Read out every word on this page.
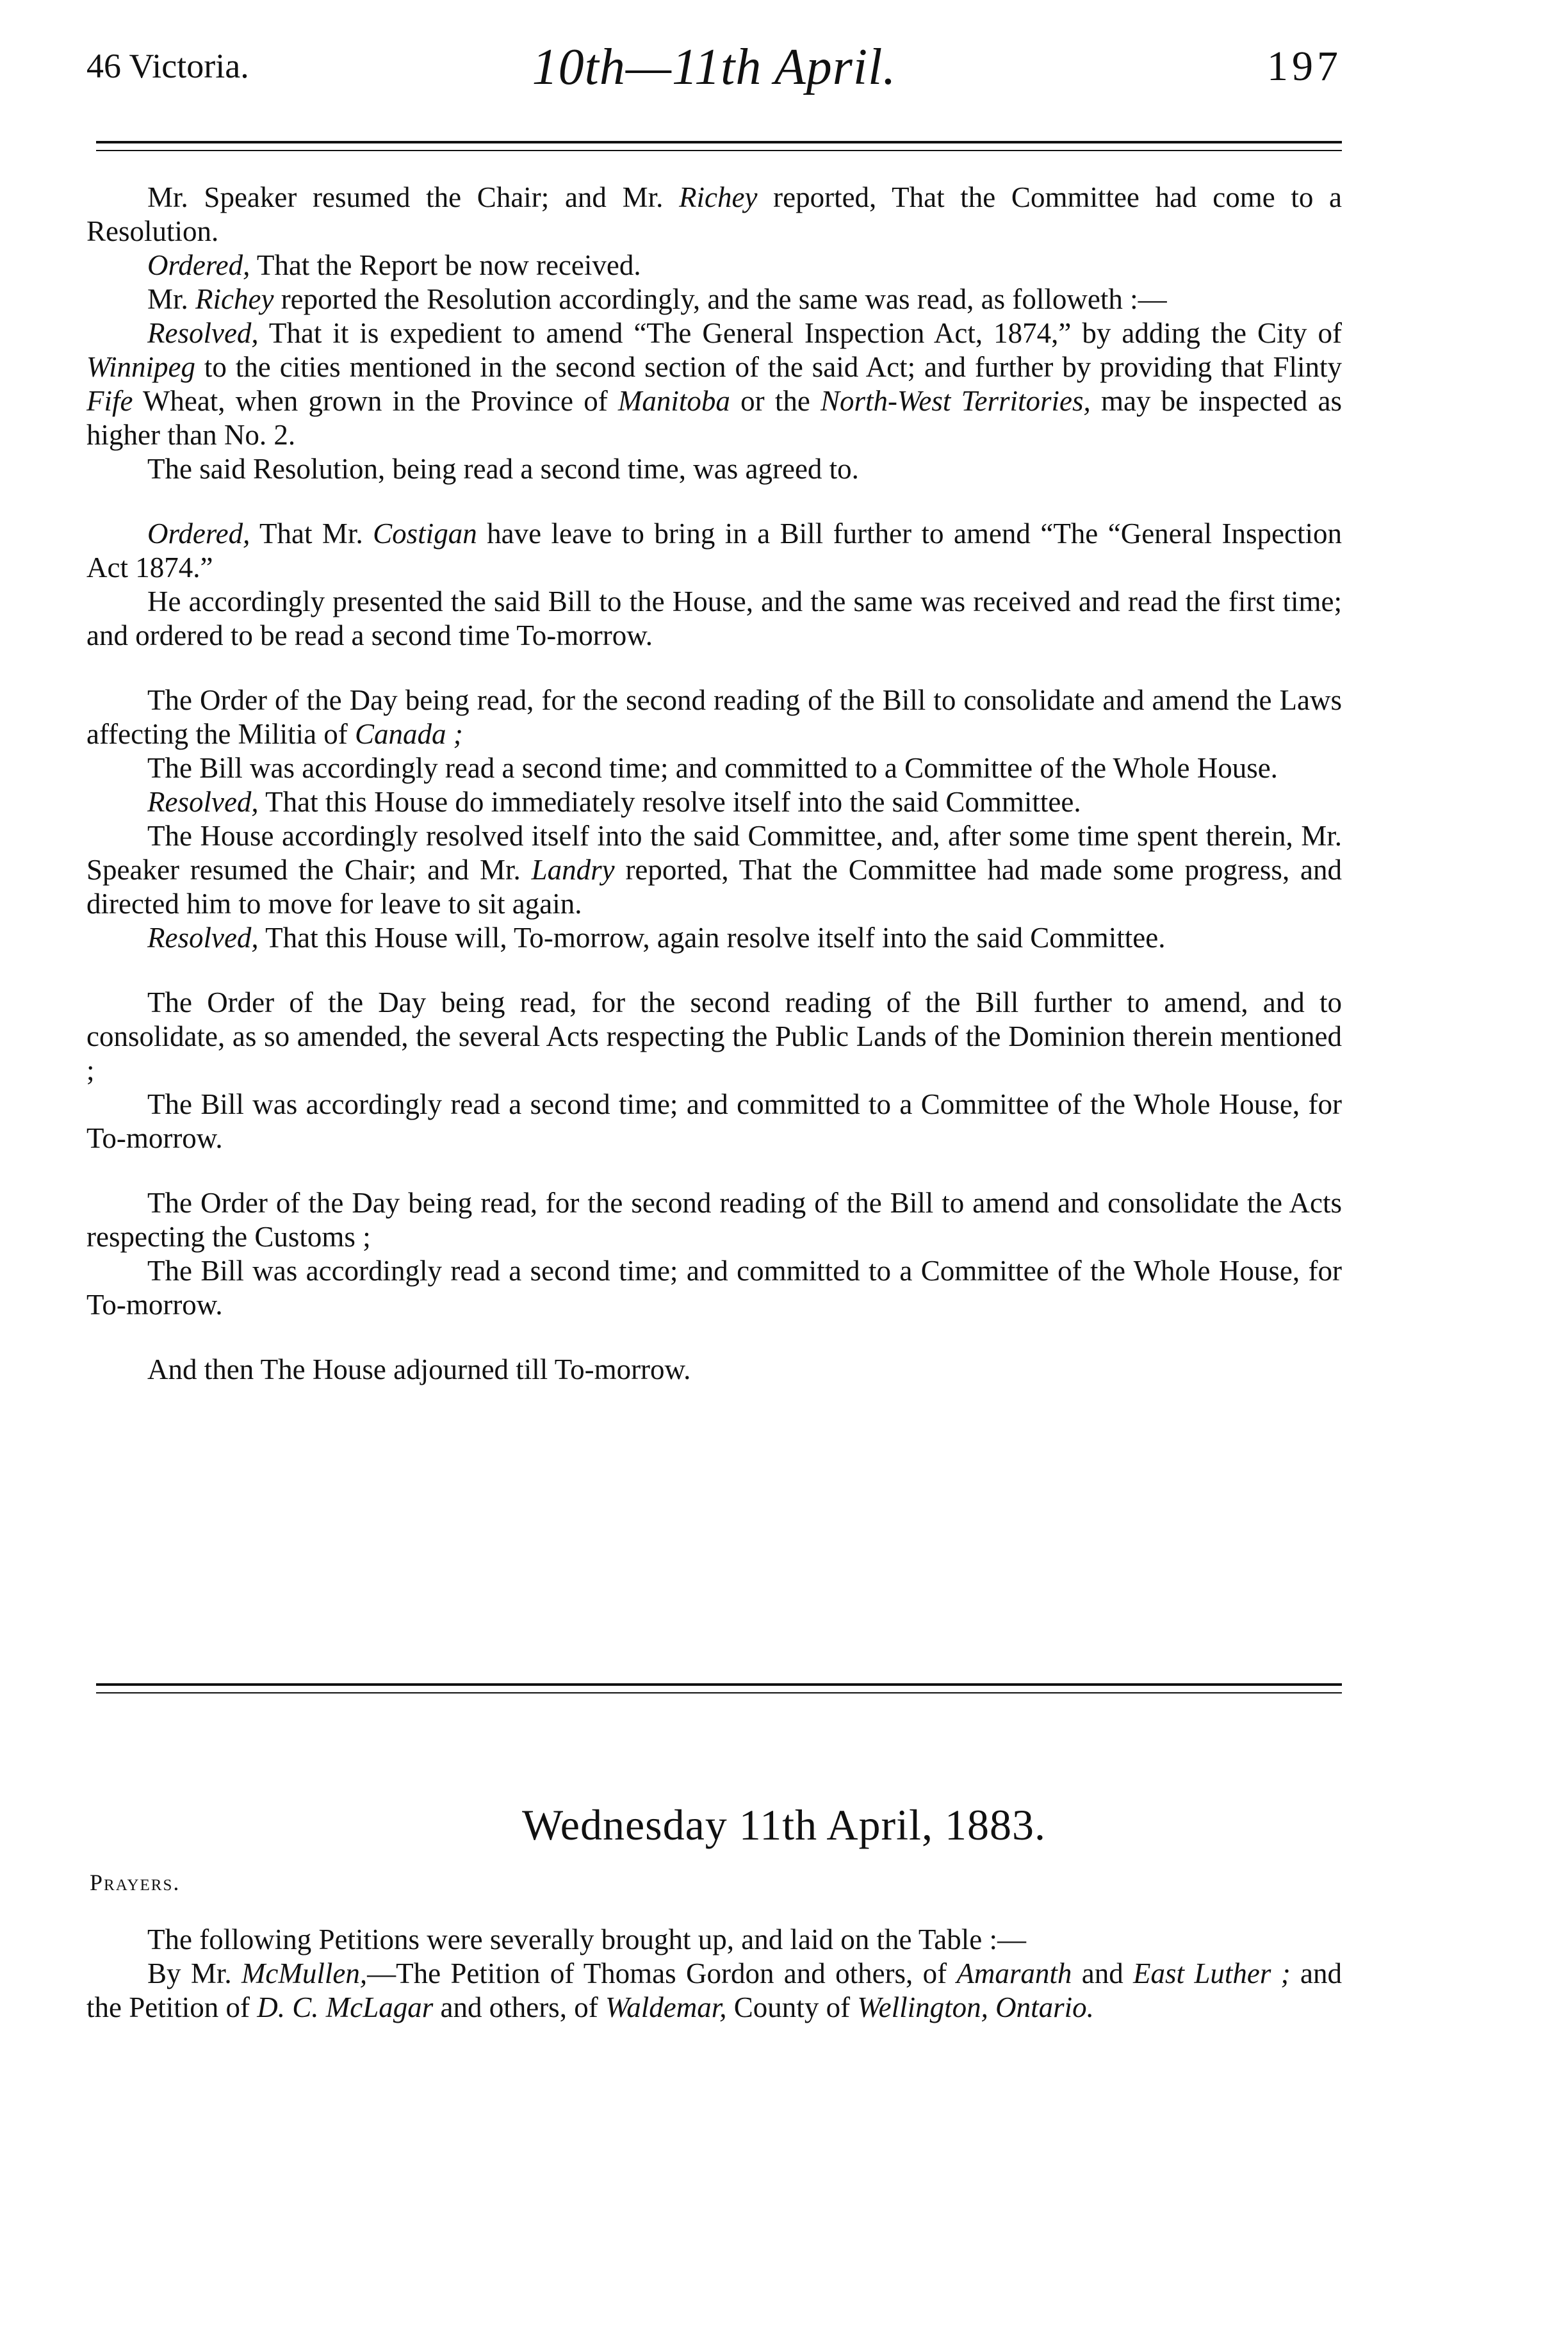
46 Victoria.	10th—11th April.	197

Mr. Speaker resumed the Chair; and Mr. Richey reported, That the Committee had come to a Resolution.

Ordered, That the Report be now received.

Mr. Richey reported the Resolution accordingly, and the same was read, as followeth :—

Resolved, That it is expedient to amend “The General Inspection Act, 1874,” by adding the City of Winnipeg to the cities mentioned in the second section of the said Act; and further by providing that Flinty Fife Wheat, when grown in the Province of Manitoba or the North-West Territories, may be inspected as higher than No. 2.

The said Resolution, being read a second time, was agreed to.

Ordered, That Mr. Costigan have leave to bring in a Bill further to amend “The “General Inspection Act 1874.”

He accordingly presented the said Bill to the House, and the same was received and read the first time; and ordered to be read a second time To-morrow.

The Order of the Day being read, for the second reading of the Bill to consolidate and amend the Laws affecting the Militia of Canada ;

The Bill was accordingly read a second time; and committed to a Committee of the Whole House.

Resolved, That this House do immediately resolve itself into the said Committee.

The House accordingly resolved itself into the said Committee, and, after some time spent therein, Mr. Speaker resumed the Chair; and Mr. Landry reported, That the Committee had made some progress, and directed him to move for leave to sit again.

Resolved, That this House will, To-morrow, again resolve itself into the said Committee.

The Order of the Day being read, for the second reading of the Bill further to amend, and to consolidate, as so amended, the several Acts respecting the Public Lands of the Dominion therein mentioned ;

The Bill was accordingly read a second time; and committed to a Committee of the Whole House, for To-morrow.

The Order of the Day being read, for the second reading of the Bill to amend and consolidate the Acts respecting the Customs ;

The Bill was accordingly read a second time; and committed to a Committee of the Whole House, for To-morrow.

And then The House adjourned till To-morrow.

Wednesday 11th April, 1883.
Prayers.

The following Petitions were severally brought up, and laid on the Table :—

By Mr. McMullen,—The Petition of Thomas Gordon and others, of Amaranth and East Luther ; and the Petition of D. C. McLagar and others, of Waldemar, County of Wellington, Ontario.
